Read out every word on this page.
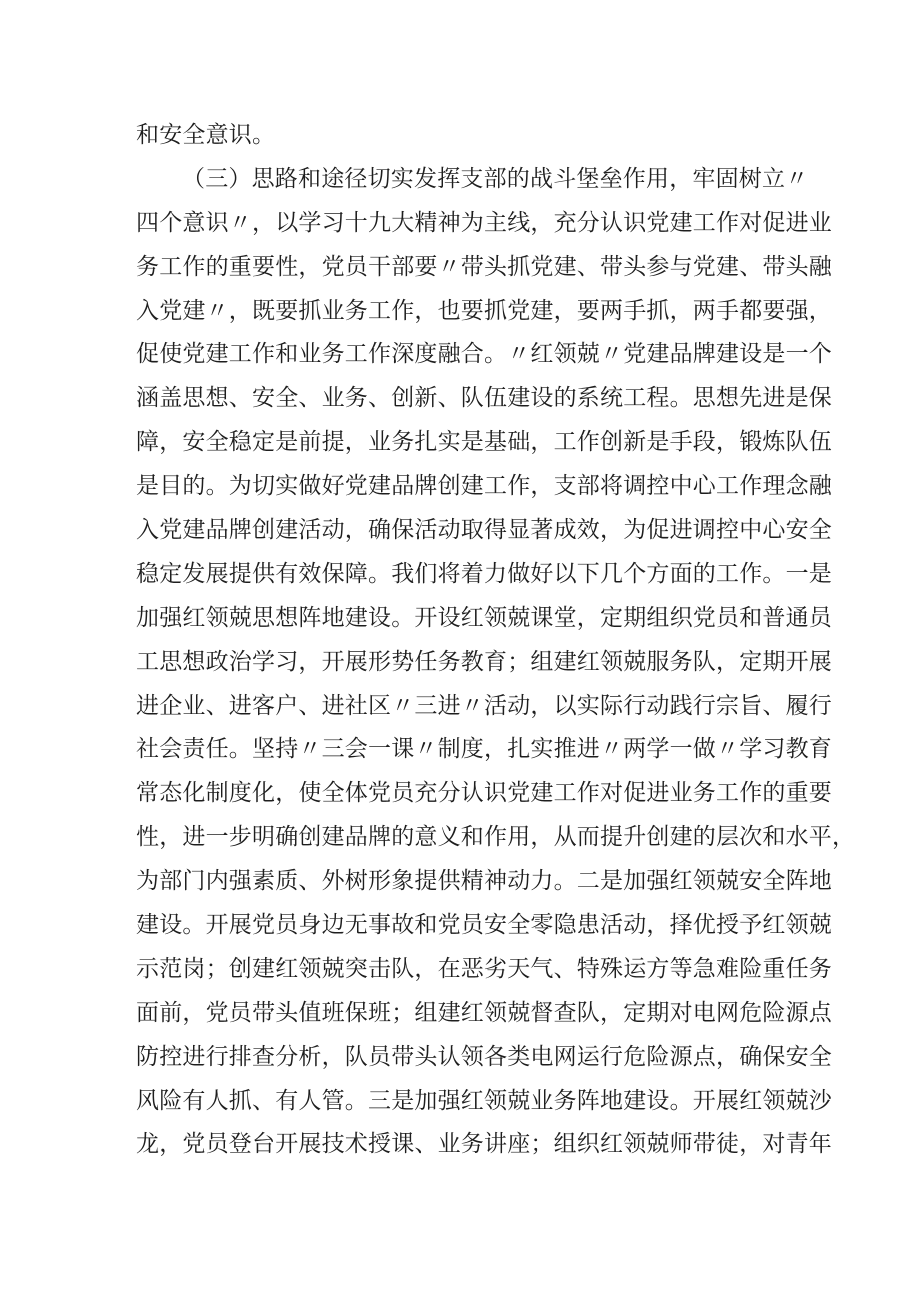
和安全意识。
（三）思路和途径切实发挥支部的战斗堡垒作用，牢固树立〃
四个意识〃，以学习十九大精神为主线，充分认识党建工作对促进业
务工作的重要性，党员干部要〃带头抓党建、带头参与党建、带头融
入党建〃，既要抓业务工作，也要抓党建，要两手抓，两手都要强，
促使党建工作和业务工作深度融合。〃红领兢〃党建品牌建设是一个
涵盖思想、安全、业务、创新、队伍建设的系统工程。思想先进是保
障，安全稳定是前提，业务扎实是基础，工作创新是手段，锻炼队伍
是目的。为切实做好党建品牌创建工作，支部将调控中心工作理念融
入党建品牌创建活动，确保活动取得显著成效，为促进调控中心安全
稳定发展提供有效保障。我们将着力做好以下几个方面的工作。一是
加强红领兢思想阵地建设。开设红领兢课堂，定期组织党员和普通员
工思想政治学习，开展形势任务教育；组建红领兢服务队，定期开展
进企业、进客户、进社区〃三进〃活动，以实际行动践行宗旨、履行
社会责任。坚持〃三会一课〃制度，扎实推进〃两学一做〃学习教育
常态化制度化，使全体党员充分认识党建工作对促进业务工作的重要
性，进一步明确创建品牌的意义和作用，从而提升创建的层次和水平，
为部门内强素质、外树形象提供精神动力。二是加强红领兢安全阵地
建设。开展党员身边无事故和党员安全零隐患活动，择优授予红领兢
示范岗；创建红领兢突击队，在恶劣天气、特殊运方等急难险重任务
面前，党员带头值班保班；组建红领兢督查队，定期对电网危险源点
防控进行排查分析，队员带头认领各类电网运行危险源点，确保安全
风险有人抓、有人管。三是加强红领兢业务阵地建设。开展红领兢沙
龙，党员登台开展技术授课、业务讲座；组织红领兢师带徒，对青年
